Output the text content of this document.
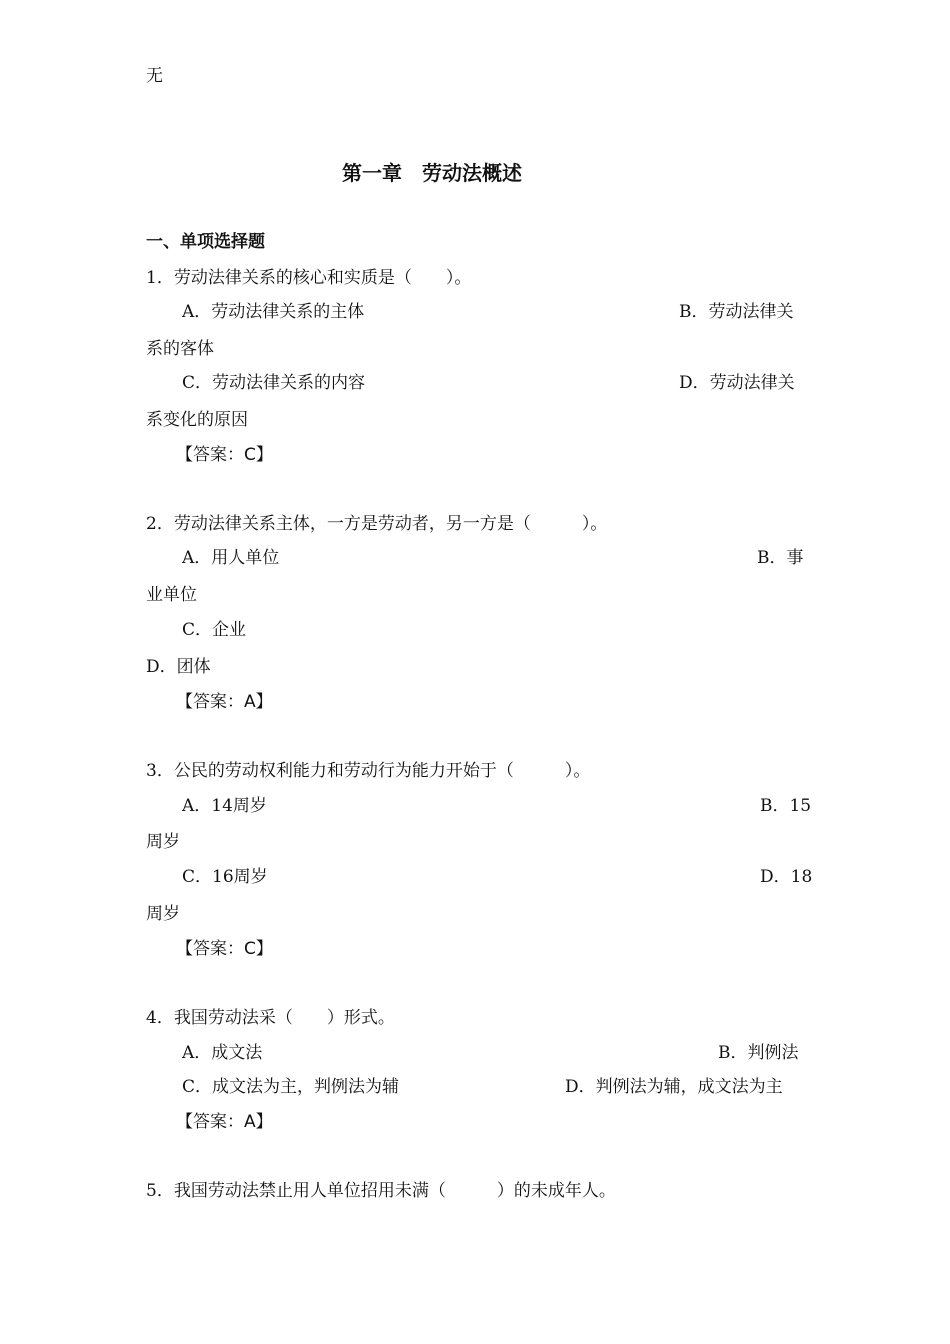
无
第一章　劳动法概述
一、单项选择题
1．劳动法律关系的核心和实质是（　　）。
A．劳动法律关系的主体	B．劳动法律关
系的客体
C．劳动法律关系的内容	D．劳动法律关
系变化的原因
【答案：C】
2．劳动法律关系主体，一方是劳动者，另一方是（　　　）。
A．用人单位	B．事
业单位
C．企业
D．团体
【答案：A】
3．公民的劳动权利能力和劳动行为能力开始于（　　　）。
A．14周岁	B．15
周岁
C．16周岁	D．18
周岁
【答案：C】
4．我国劳动法采（　　）形式。
A．成文法	B．判例法
C．成文法为主，判例法为辅	D．判例法为辅，成文法为主
【答案：A】
5．我国劳动法禁止用人单位招用未满（　　　）的未成年人。
